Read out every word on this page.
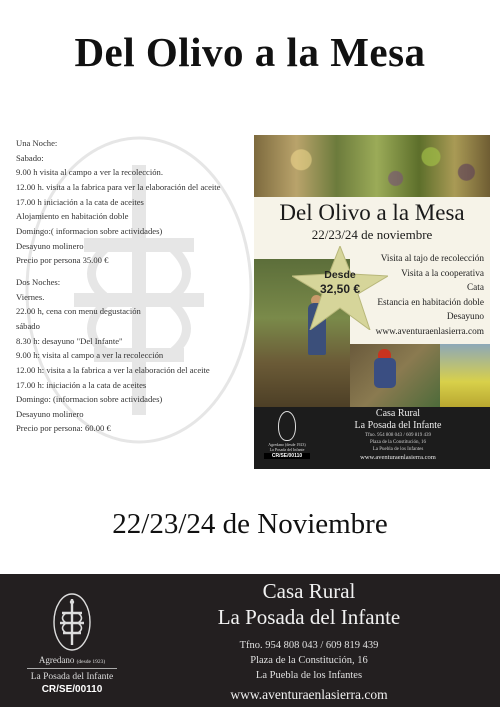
Del Olivo a la Mesa
Una Noche:
Sabado:
9.00 h visita al campo a ver la recolección.
12.00 h. visita a la fabrica para ver la elaboración del aceite
17.00 h iniciación a la cata de aceites
Alojamiento en habitación doble
Domingo:( informacion sobre actividades)
Desayuno molinero
Precio por persona 35.00 €
Dos Noches:
Viernes.
22.00 h, cena con menu degustación
sábado
8.30 h: desayuno "Del Infante"
9.00 h: visita al campo a ver la recolección
12.00 h: visita a la fabrica a ver la elaboración del aceite
17.00 h: iniciación a la cata de aceites
Domingo: (informacion sobre actividades)
Desayuno molinero
Precio por persona: 60.00 €
Del Olivo a la Mesa
22/23/24 de noviembre
Desde
32,50 €
Visita al tajo de recolección
Visita a la cooperativa
Cata
Estancia en habitación doble
Desayuno
www.aventuraenlasierra.com
Agredano (desde 1923)
La Posada del Infante
CR/SE/00110
Casa Rural
La Posada del Infante
Tfno. 954 808 043 / 609 819 439
Plaza de la Constitución, 16
La Puebla de los Infantes
www.aventuraenlasierra.com
22/23/24 de Noviembre
Agredano (desde 1923)
La Posada del Infante
CR/SE/00110
Casa Rural
La Posada del Infante
Tfno. 954 808 043 / 609 819 439
Plaza de la Constitución, 16
La Puebla de los Infantes
www.aventuraenlasierra.com
